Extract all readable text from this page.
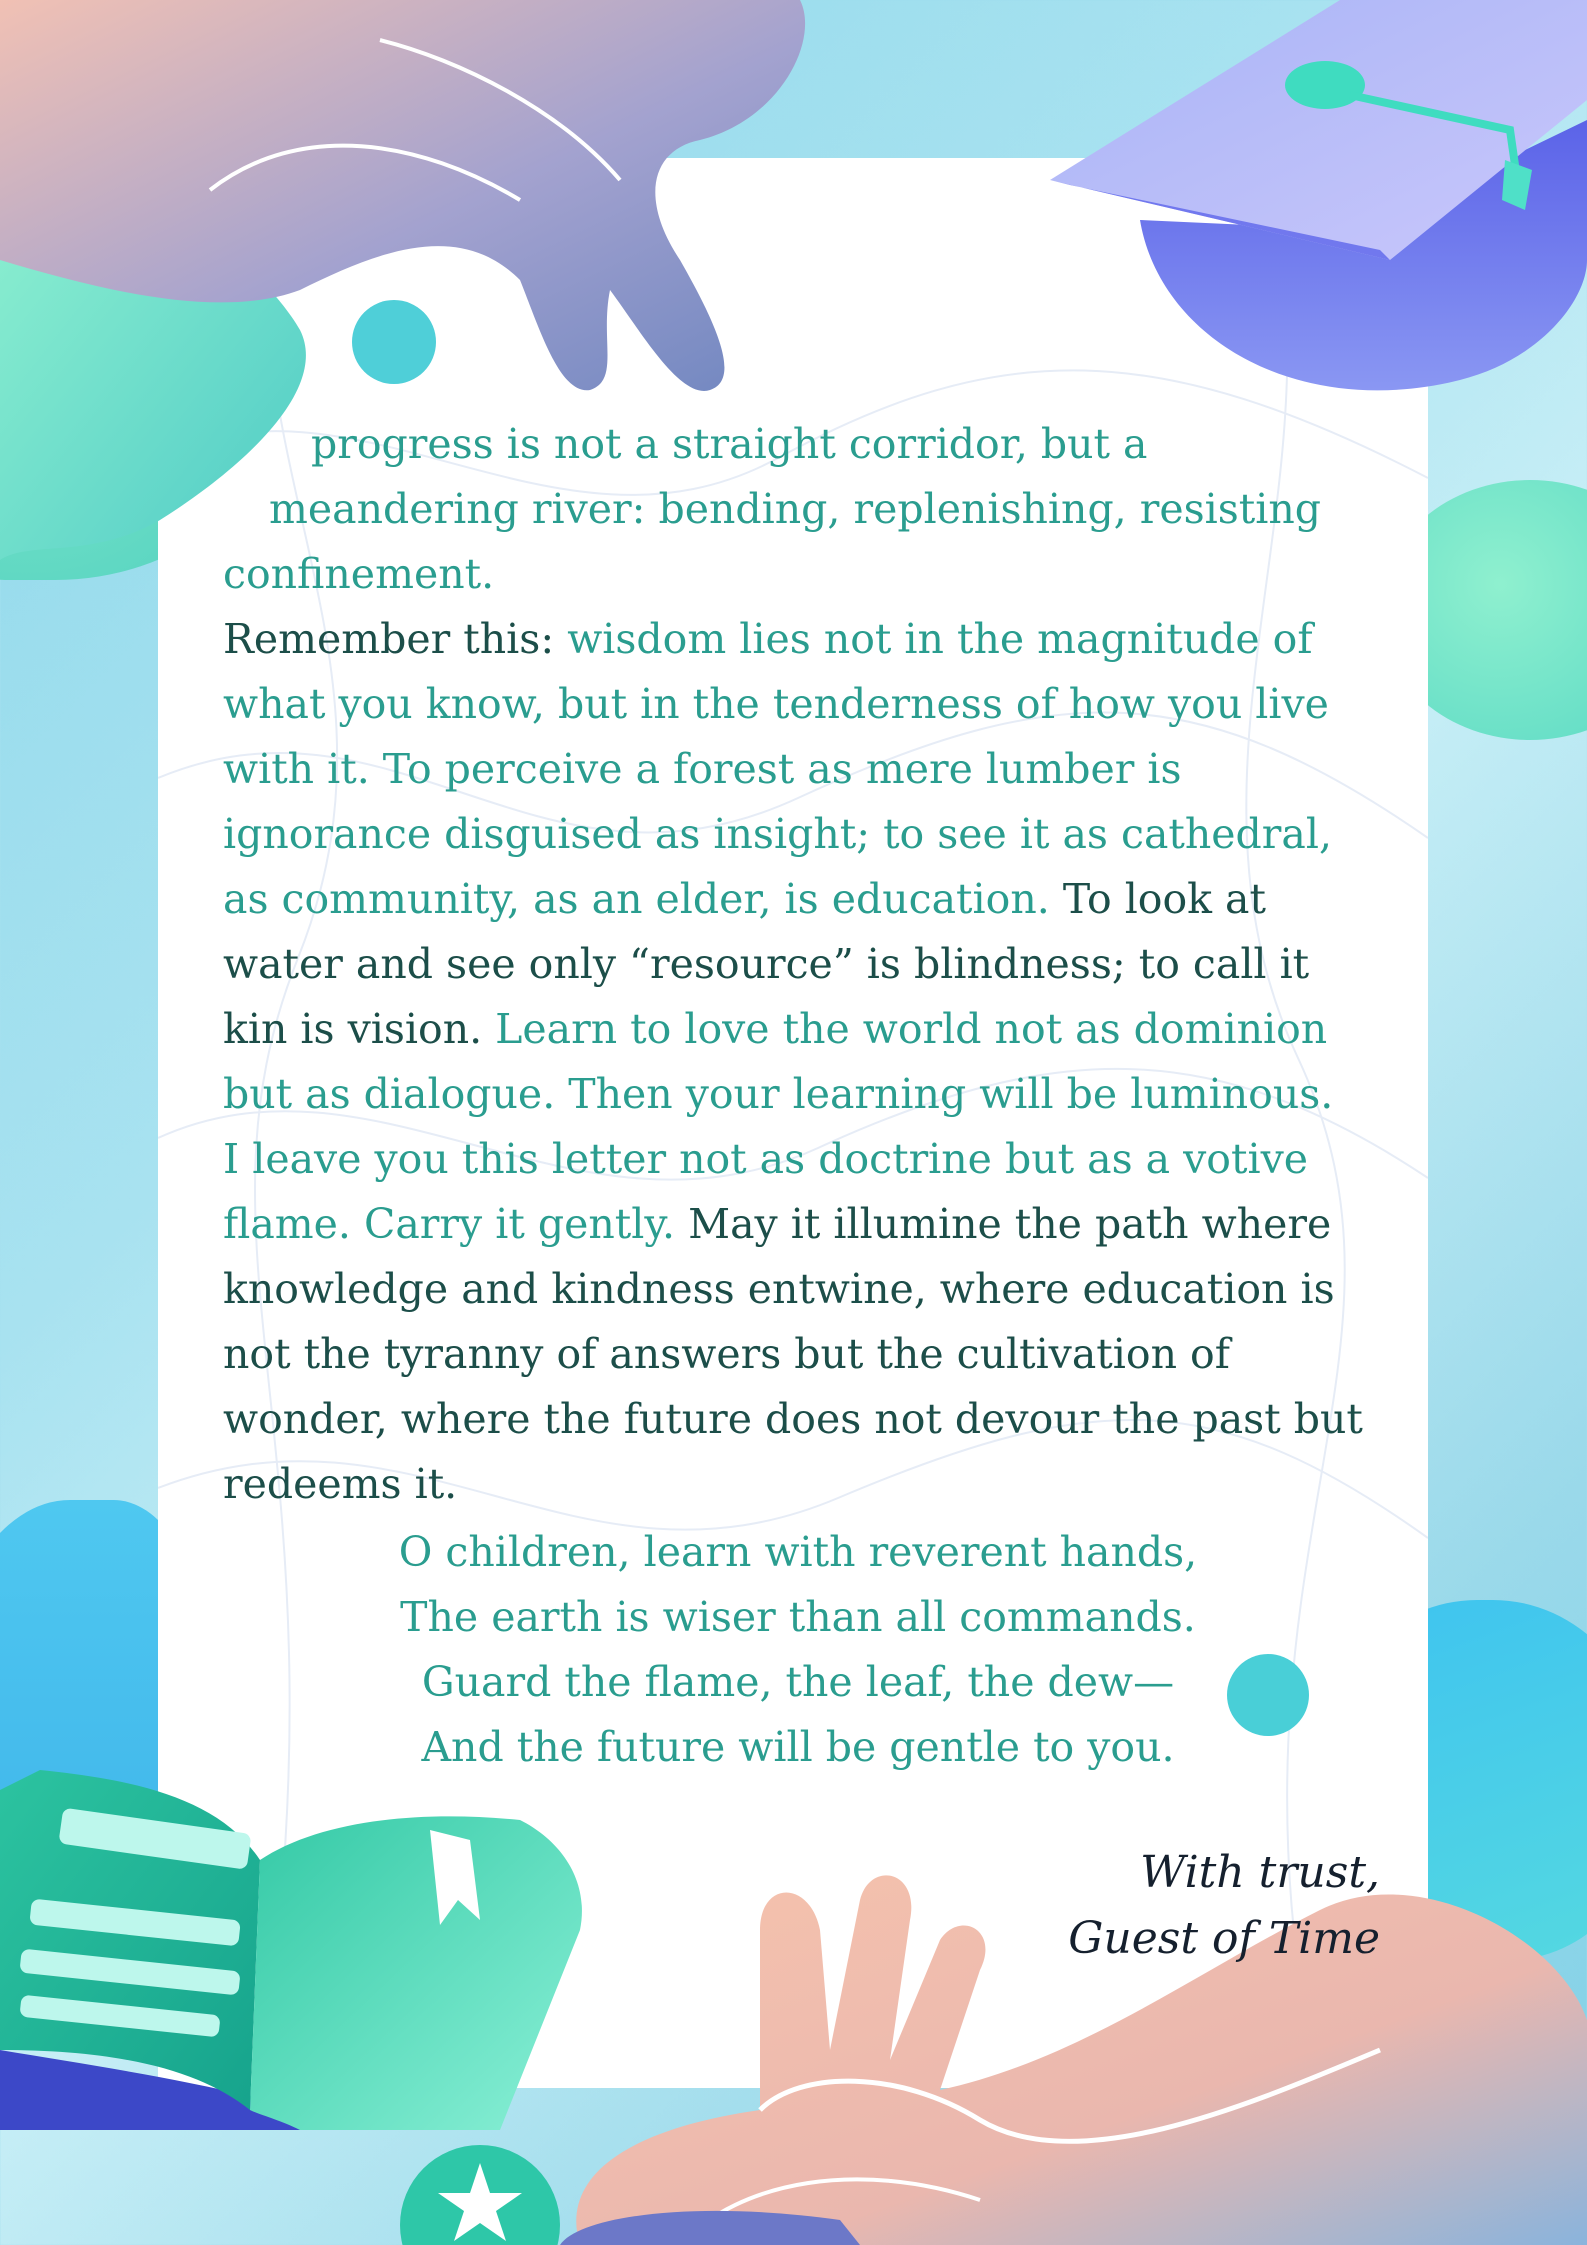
progress is not a straight corridor, but a
meandering river: bending, replenishing, resisting
confinement.
Remember this: wisdom lies not in the magnitude of
what you know, but in the tenderness of how you live
with it. To perceive a forest as mere lumber is
ignorance disguised as insight; to see it as cathedral,
as community, as an elder, is education. To look at
water and see only “resource” is blindness; to call it
kin is vision. Learn to love the world not as dominion
but as dialogue. Then your learning will be luminous.
I leave you this letter not as doctrine but as a votive
flame. Carry it gently. May it illumine the path where
knowledge and kindness entwine, where education is
not the tyranny of answers but the cultivation of
wonder, where the future does not devour the past but
redeems it.
O children, learn with reverent hands,
The earth is wiser than all commands.
Guard the flame, the leaf, the dew—
And the future will be gentle to you.
With trust,
Guest of Time
